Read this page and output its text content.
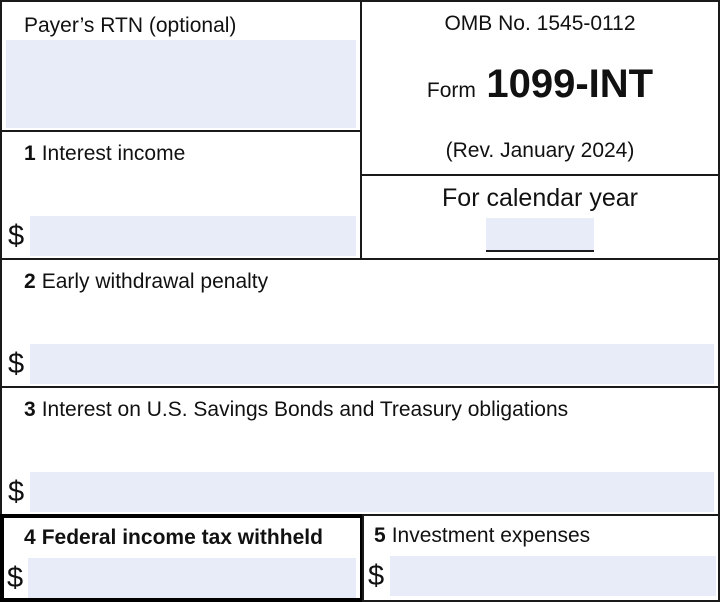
Payer’s RTN (optional)	OMB No. 1545-0112
Form 1099-INT
(Rev. January 2024)
For calendar year
1 Interest income
$
2 Early withdrawal penalty
$
3 Interest on U.S. Savings Bonds and Treasury obligations
$
4 Federal income tax withheld
$
5 Investment expenses
$
